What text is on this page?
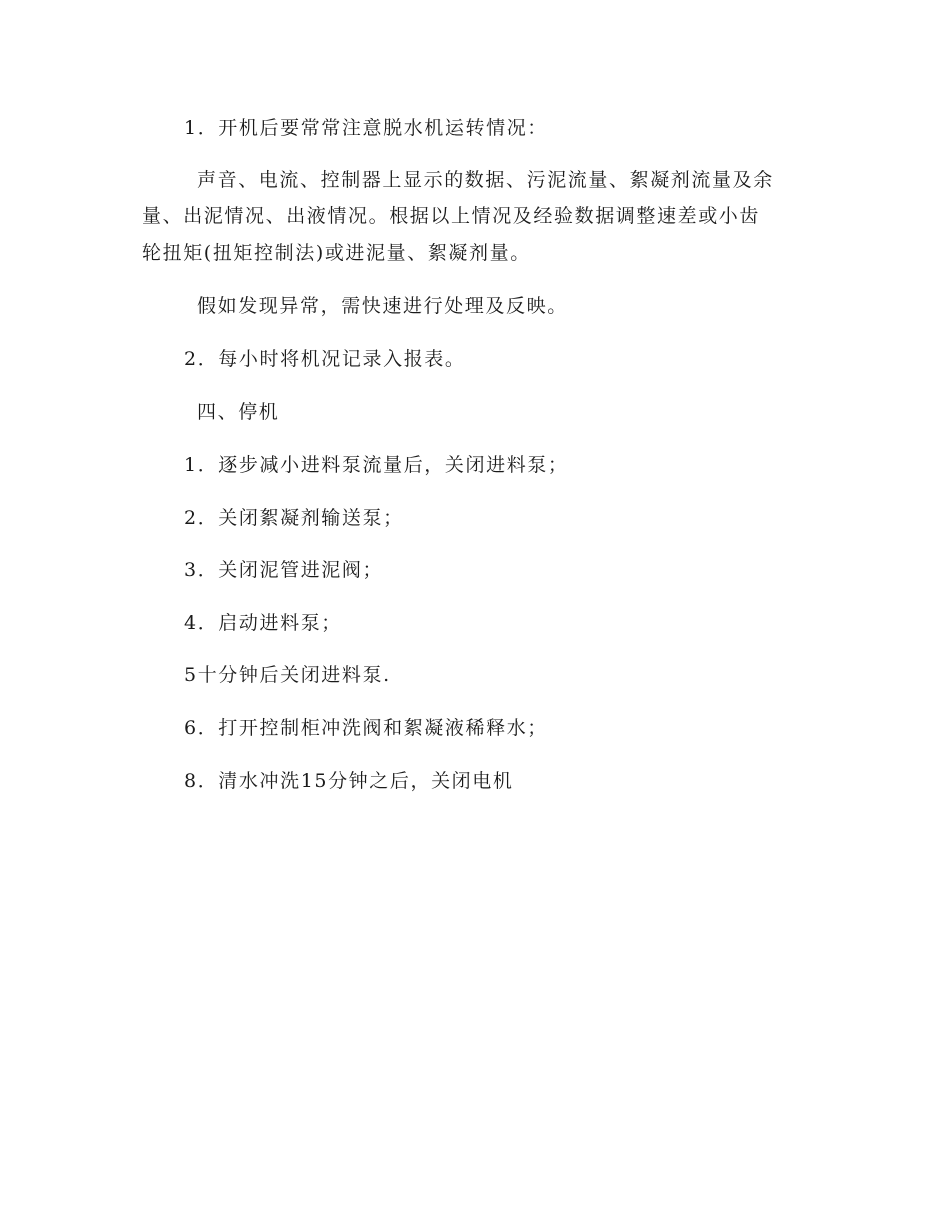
1．开机后要常常注意脱水机运转情况：
声音、电流、控制器上显示的数据、污泥流量、絮凝剂流量及余
量、出泥情况、出液情况。根据以上情况及经验数据调整速差或小齿
轮扭矩(扭矩控制法)或进泥量、絮凝剂量。
假如发现异常，需快速进行处理及反映。
2．每小时将机况记录入报表。
四、停机
1．逐步减小进料泵流量后，关闭进料泵；
2．关闭絮凝剂输送泵；
3．关闭泥管进泥阀；
4．启动进料泵；
5十分钟后关闭进料泵.
6．打开控制柜冲洗阀和絮凝液稀释水；
8．清水冲洗15分钟之后，关闭电机
